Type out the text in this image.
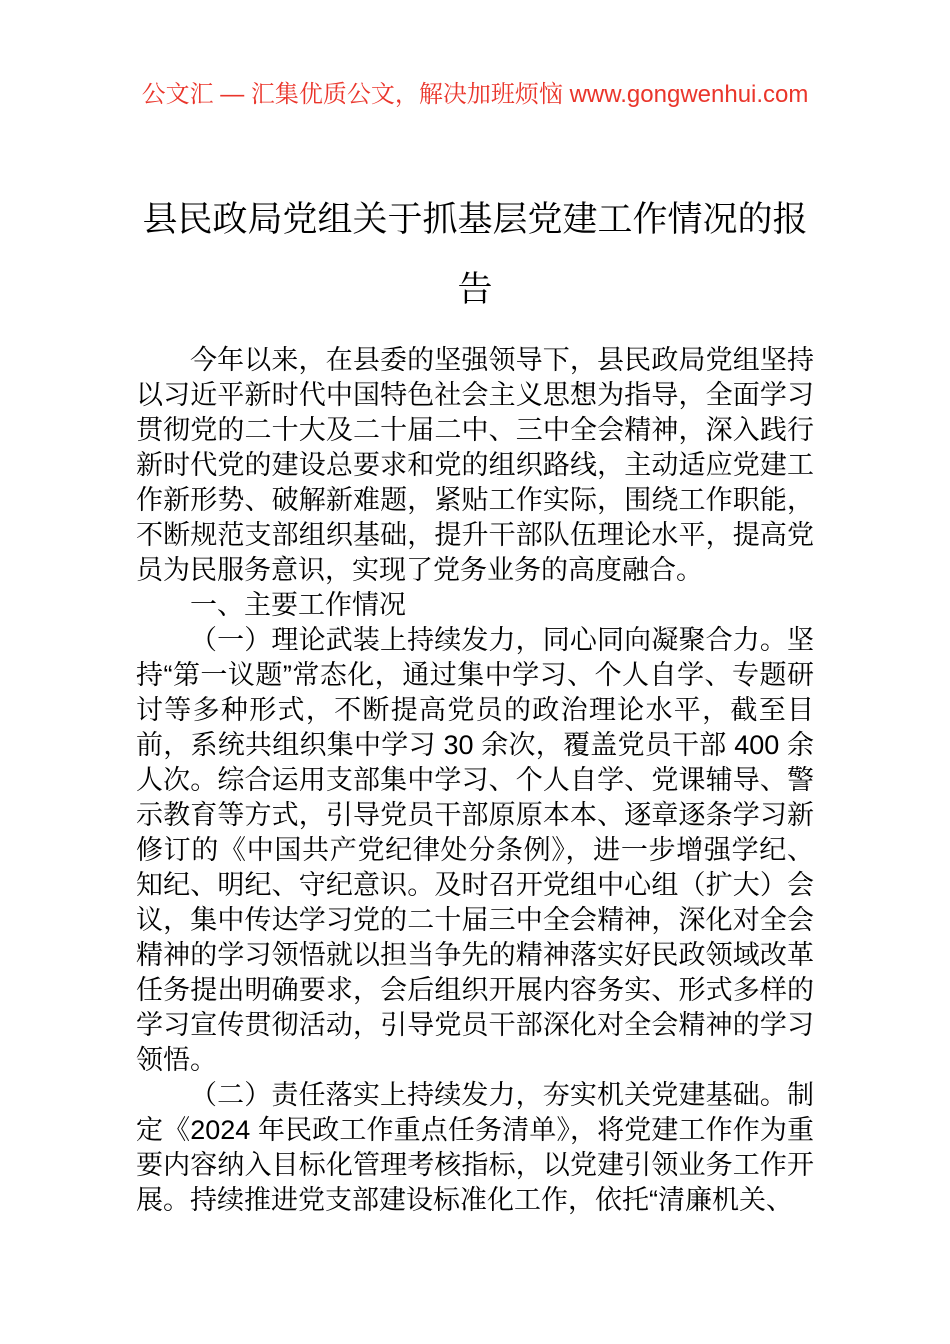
公文汇 — 汇集优质公文，解决加班烦恼 www.gongwenhui.com
县民政局党组关于抓基层党建工作情况的报告

今年以来，在县委的坚强领导下，县民政局党组坚持以习近平新时代中国特色社会主义思想为指导，全面学习贯彻党的二十大及二十届二中、三中全会精神，深入践行新时代党的建设总要求和党的组织路线，主动适应党建工作新形势、破解新难题，紧贴工作实际，围绕工作职能，不断规范支部组织基础，提升干部队伍理论水平，提高党员为民服务意识，实现了党务业务的高度融合。

一、主要工作情况

（一）理论武装上持续发力，同心同向凝聚合力。坚持“第一议题”常态化，通过集中学习、个人自学、专题研讨等多种形式，不断提高党员的政治理论水平，截至目前，系统共组织集中学习 30 余次，覆盖党员干部 400 余人次。综合运用支部集中学习、个人自学、党课辅导、警示教育等方式，引导党员干部原原本本、逐章逐条学习新修订的《中国共产党纪律处分条例》，进一步增强学纪、知纪、明纪、守纪意识。及时召开党组中心组（扩大）会议，集中传达学习党的二十届三中全会精神，深化对全会精神的学习领悟就以担当争先的精神落实好民政领域改革任务提出明确要求，会后组织开展内容务实、形式多样的学习宣传贯彻活动，引导党员干部深化对全会精神的学习领悟。

（二）责任落实上持续发力，夯实机关党建基础。制定《2024 年民政工作重点任务清单》，将党建工作作为重要内容纳入目标化管理考核指标，以党建引领业务工作开展。持续推进党支部建设标准化工作，依托“清廉机关、
